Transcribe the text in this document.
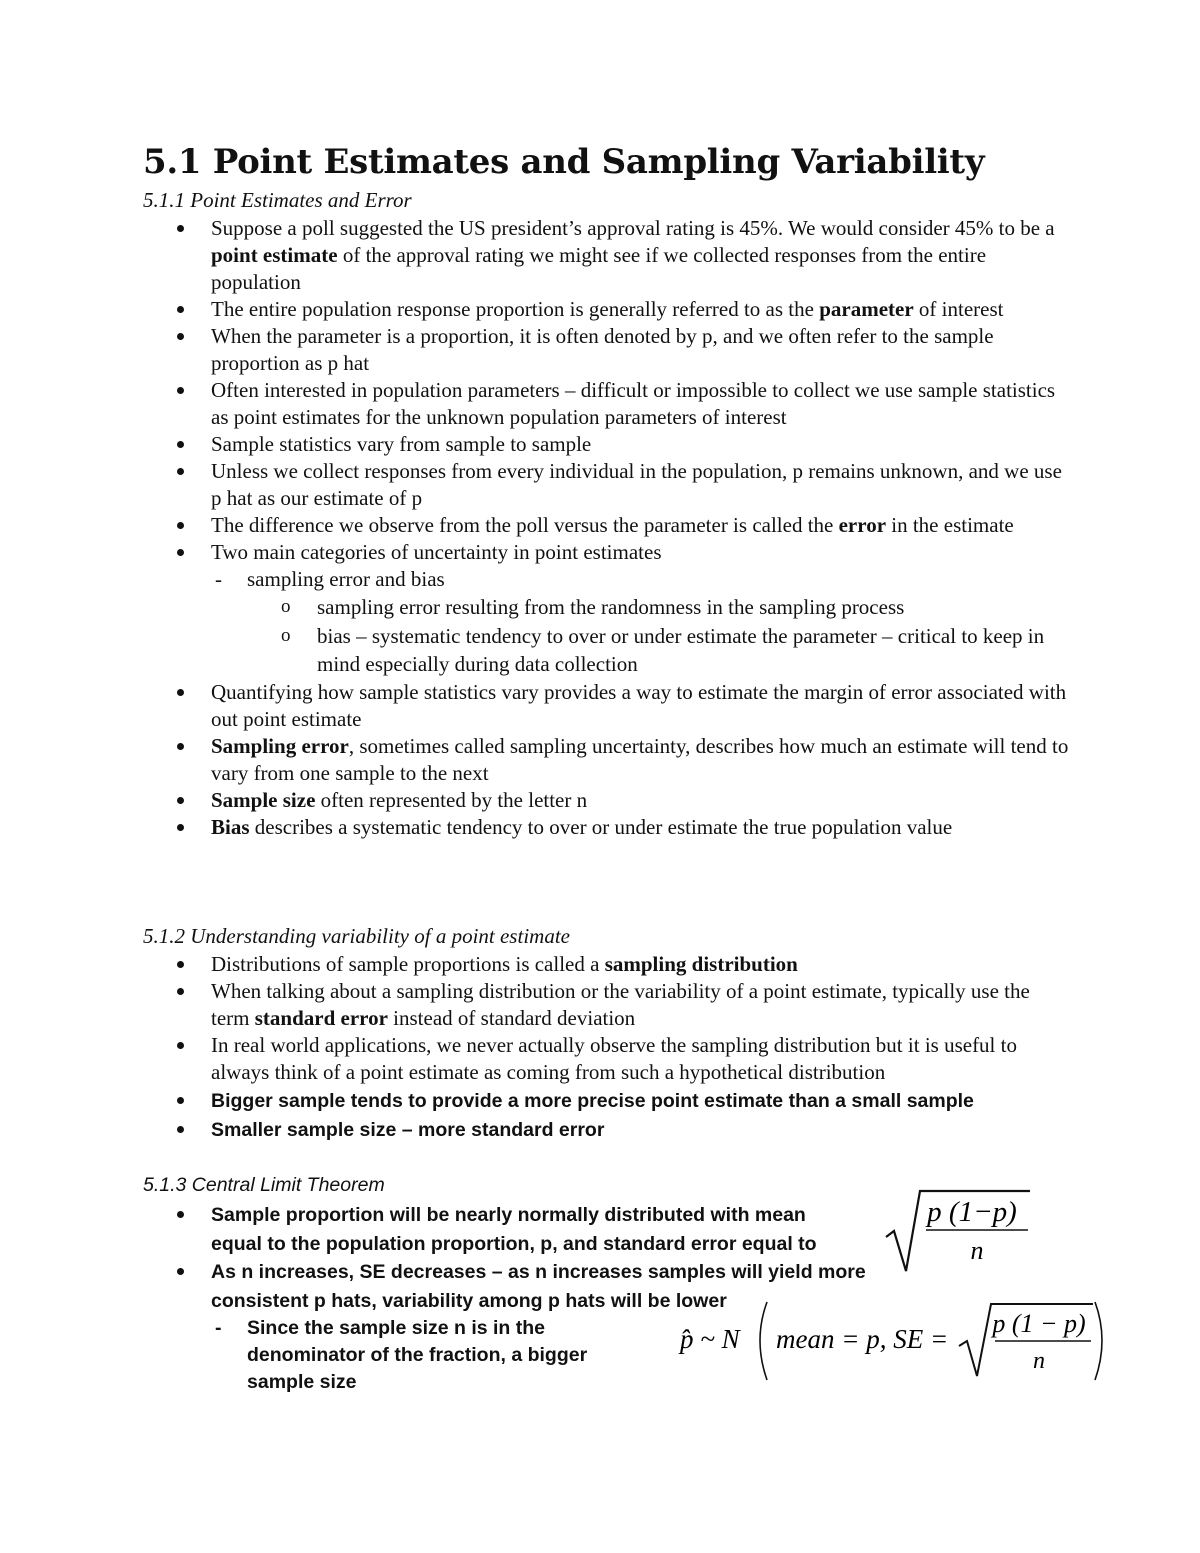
5.1 Point Estimates and Sampling Variability

5.1.1 Point Estimates and Error

Suppose a poll suggested the US president’s approval rating is 45%. We would consider 45% to be a point estimate of the approval rating we might see if we collected responses from the entire population
The entire population response proportion is generally referred to as the parameter of interest
When the parameter is a proportion, it is often denoted by p, and we often refer to the sample proportion as p hat
Often interested in population parameters – difficult or impossible to collect we use sample statistics as point estimates for the unknown population parameters of interest
Sample statistics vary from sample to sample
Unless we collect responses from every individual in the population, p remains unknown, and we use p hat as our estimate of p
The difference we observe from the poll versus the parameter is called the error in the estimate
Two main categories of uncertainty in point estimates
- sampling error and bias
o sampling error resulting from the randomness in the sampling process
o bias – systematic tendency to over or under estimate the parameter – critical to keep in mind especially during data collection
Quantifying how sample statistics vary provides a way to estimate the margin of error associated with out point estimate
Sampling error, sometimes called sampling uncertainty, describes how much an estimate will tend to vary from one sample to the next
Sample size often represented by the letter n
Bias describes a systematic tendency to over or under estimate the true population value

5.1.2 Understanding variability of a point estimate

Distributions of sample proportions is called a sampling distribution
When talking about a sampling distribution or the variability of a point estimate, typically use the term standard error instead of standard deviation
In real world applications, we never actually observe the sampling distribution but it is useful to always think of a point estimate as coming from such a hypothetical distribution
Bigger sample tends to provide a more precise point estimate than a small sample
Smaller sample size – more standard error

5.1.3 Central Limit Theorem

Sample proportion will be nearly normally distributed with mean equal to the population proportion, p, and standard error equal to
As n increases, SE decreases – as n increases samples will yield more consistent p hats, variability among p hats will be lower
- Since the sample size n is in the denominator of the fraction, a bigger sample size
p (1−p)
n
p̂ ~ N mean = p, SE =
p (1 − p)
n
